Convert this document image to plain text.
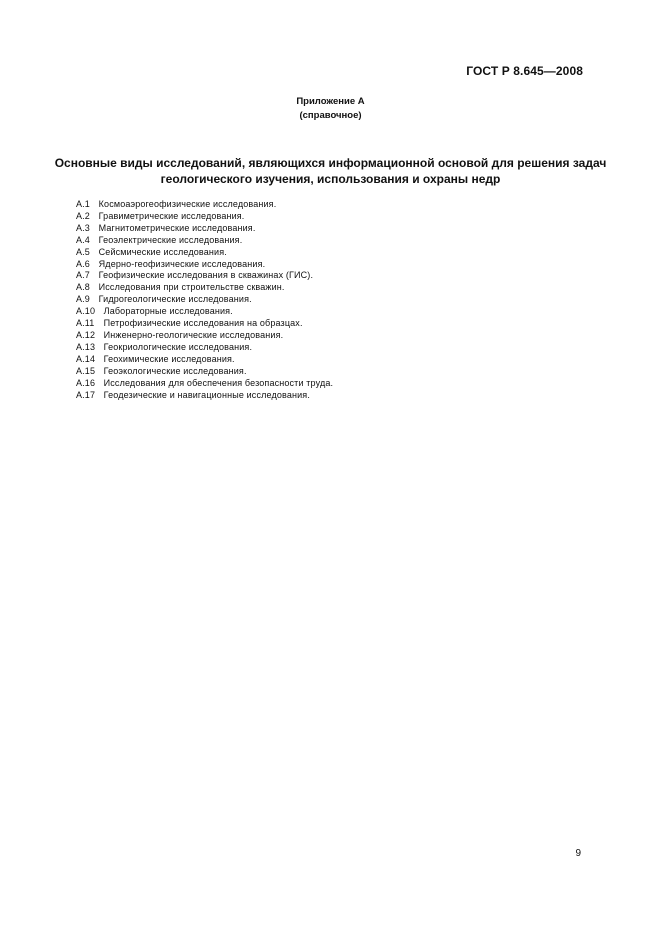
ГОСТ Р 8.645—2008
Приложение А
(справочное)
Основные виды исследований, являющихся информационной основой для решения задач
геологического изучения, использования и охраны недр
А.1 Космоаэрогеофизические исследования.
А.2 Гравиметрические исследования.
А.3 Магнитометрические исследования.
А.4 Геоэлектрические исследования.
А.5 Сейсмические исследования.
А.6 Ядерно-геофизические исследования.
А.7 Геофизические исследования в скважинах (ГИС).
А.8 Исследования при строительстве скважин.
А.9 Гидрогеологические исследования.
А.10 Лабораторные исследования.
А.11 Петрофизические исследования на образцах.
А.12 Инженерно-геологические исследования.
А.13 Геокриологические исследования.
А.14 Геохимические исследования.
А.15 Геоэкологические исследования.
А.16 Исследования для обеспечения безопасности труда.
А.17 Геодезические и навигационные исследования.
9
